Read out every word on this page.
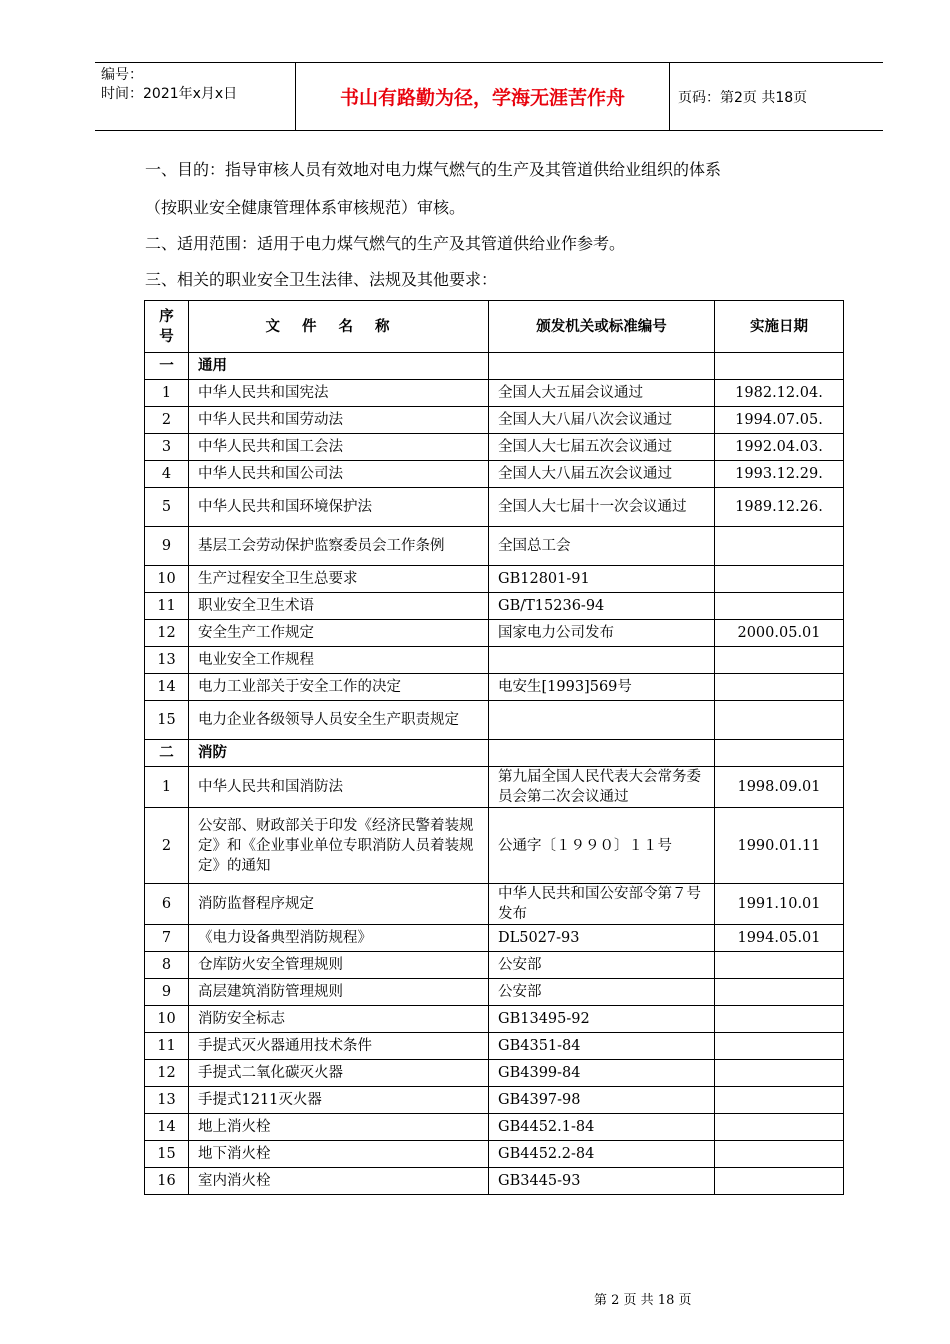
编号：
时间：2021年x月x日	书山有路勤为径，学海无涯苦作舟	页码：第2页 共18页
一、目的：指导审核人员有效地对电力煤气燃气的生产及其管道供给业组织的体系
（按职业安全健康管理体系审核规范）审核。
二、适用范围：适用于电力煤气燃气的生产及其管道供给业作参考。
三、相关的职业安全卫生法律、法规及其他要求：
序号	文件名称	颁发机关或标准编号	实施日期
一	通用		
1	中华人民共和国宪法	全国人大五届会议通过	1982.12.04.
2	中华人民共和国劳动法	全国人大八届八次会议通过	1994.07.05.
3	中华人民共和国工会法	全国人大七届五次会议通过	1992.04.03.
4	中华人民共和国公司法	全国人大八届五次会议通过	1993.12.29.
5	中华人民共和国环境保护法	全国人大七届十一次会议通过	1989.12.26.
9	基层工会劳动保护监察委员会工作条例	全国总工会	
10	生产过程安全卫生总要求	GB12801-91	
11	职业安全卫生术语	GB/T15236-94	
12	安全生产工作规定	国家电力公司发布	2000.05.01
13	电业安全工作规程		
14	电力工业部关于安全工作的决定	电安生[1993]569号	
15	电力企业各级领导人员安全生产职责规定		
二	消防		
1	中华人民共和国消防法	第九届全国人民代表大会常务委员会第二次会议通过	1998.09.01
2	公安部、财政部关于印发《经济民警着装规定》和《企业事业单位专职消防人员着装规定》的通知	公通字〔１９９０〕１１号	1990.01.11
6	消防监督程序规定	中华人民共和国公安部令第７号发布	1991.10.01
7	《电力设备典型消防规程》	DL5027-93	1994.05.01
8	仓库防火安全管理规则	公安部	
9	高层建筑消防管理规则	公安部	
10	消防安全标志	GB13495-92	
11	手提式灭火器通用技术条件	GB4351-84	
12	手提式二氧化碳灭火器	GB4399-84	
13	手提式1211灭火器	GB4397-98	
14	地上消火栓	GB4452.1-84	
15	地下消火栓	GB4452.2-84	
16	室内消火栓	GB3445-93	
第 2 页 共 18 页
